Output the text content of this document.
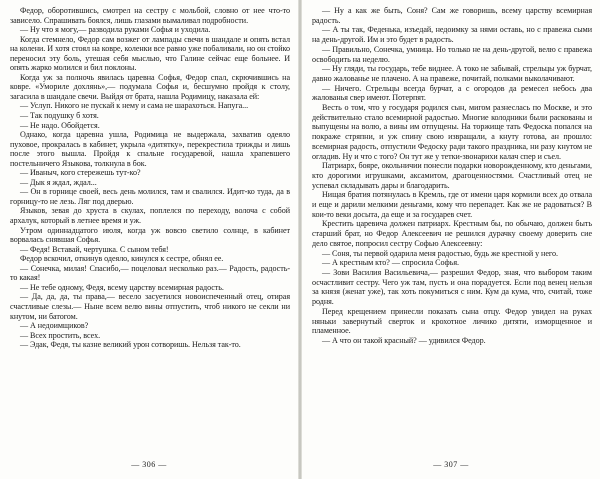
Федор, оборотившись, смотрел на сестру с мольбой, словно от нее что-то зависело. Спрашивать боялся, лишь глазами вымаливал подробности.

— Ну что я могу,— разводила руками Софья и уходила.

Когда стемнело, Федор сам возжег от лампады свечи в шандале и опять встал на колени. И хотя стоял на ковре, коленки все равно уже побаливали, но он стойко переносил эту боль, утешая себя мыслью, что Галине сейчас еще больнее. И опять жарко молился и бил поклоны.

Когда уж за полночь явилась царевна Софья, Федор спал, скрючившись на ковре. «Умориле дохлянь»,— подумала Софья и, бесшумно пройдя к столу, загасила в шандале свечи. Выйдя от брата, нашла Родимицу, наказала ей:

— Услуп. Никого не пускай к нему и сама не шарахоться. Напуга...

— Так подушку б хотя.

— Не надо. Обойдется.

Однако, когда царевна ушла, Родимица не выдержала, захватив одеяло пуховое, прокралась в кабинет, укрыла «дитятку», перекрестила трижды и лишь после этого вышла. Пройдя к спальне государевой, нашла храпевшего постельничего Языкова, толкнула в бок.

— Иваныч, кого стережешь тут-ко?

— Дык я ждал, ждал...

— Он в горнице своей, весь день молился, там и свалился. Идит-ко туда, да в горницу-то не лезь. Ляг под дверью.

Языков, зевая до хруста в скулах, поплелся по переходу, волоча с собой архалук, который в летнее время и уж.

Утром одиннадцатого июля, когда уж вовсю светило солнце, в кабинет ворвалась снявшая Софья.

— Федя! Вставай, чертушка. С сыном тебя!

Федор вскочил, откинув одеяло, кинулся к сестре, обнял ее.

— Сонечка, милая! Спасибо,— поцеловал несколько раз.— Радость, радость-то какая!

— Не тебе одному, Федя, всему царству всемирная радость.

— Да, да, да, ты права,— весело засуетился новоиспеченный отец, отирая счастливые слезы.— Ныне всем велю вины отпустить, чтоб никого не секли ни кнутом, ни батогом.

— А недоимщиков?

— Всех простить, всех.

— Эдак, Федя, ты казне великий урон сотворишь. Нельзя так-то.

— 306 —

— Ну а как же быть, Соня? Сам же говоришь, всему царству всемирная радость.

— А ты так, Феденька, изъедай, недоимку за нями оставь, но с правежа сыми на день-другой. Им и это будет в радость.

— Правильно, Сонечка, умница. Но только не на день-другой, велю с правежа освободить на неделю.

— Ну гляди, ты государь, тебе виднее. А токо не забывай, стрельцы уж бурчат, давно жалованье не плачено. А на правеже, почитай, полками выколачивают.

— Ничего. Стрельцы всегда бурчат, а с огородов да ремесел небось два жалованья свер имеют. Потерпят.

Весть о том, что у государя родился сын, мигом разнеслась по Москве, и это действительно стало всемирной радостью. Многие колодники были раскованы и выпущены на волю, а вины им отпущены. На торжище тать Федоска попался на покраже стряпни, и уж спину свою извращали, а кнуту готова, ан прошло: всемирная радость, отпустили Федоску ради такого праздника, ни разу кнутом не огладив. Ну и что с того? Он тут же у тетки-звонарихи калач спер и съел.

Патриарх, бояре, окольничии понесли подарки новорожденному, кто деньгами, кто дорогими игрушками, аксамитом, драгоценностями. Счастливый отец не успевал складывать дары и благодарить.

Нищая братия потянулась в Кремль, где от имени царя кормили всех до отвала и еще и дарили мелкими деньгами, кому что перепадет. Как же не радоваться? В кои-то веки досыта, да еще и за государев счет.

Крестить царевича должен патриарх. Крестным бы, по обычаю, должен быть старший брат, но Федор Алексеевич не решился дурачку своему доверить сие дело святое, попросил сестру Софью Алексеевну:

— Соня, ты первой одарила меня радостью, будь же крестной у него.

— А крестным кто? — спросила Софья.

— Зови Василия Васильевича,— разрешил Федор, зная, что выбором таким осчастливит сестру. Чего уж там, пусть и она порадуется. Если под венец нельзя за князя (женат уже), так хоть покумиться с ним. Кум да кума, что, считай, тоже родня.

Перед крещением принесли показать сына отцу. Федор увидел на руках няньки завернутый сверток и крохотное личико дитяти, изморщенное и пламенное.

— А что он такой красный? — удивился Федор.

— 307 —
